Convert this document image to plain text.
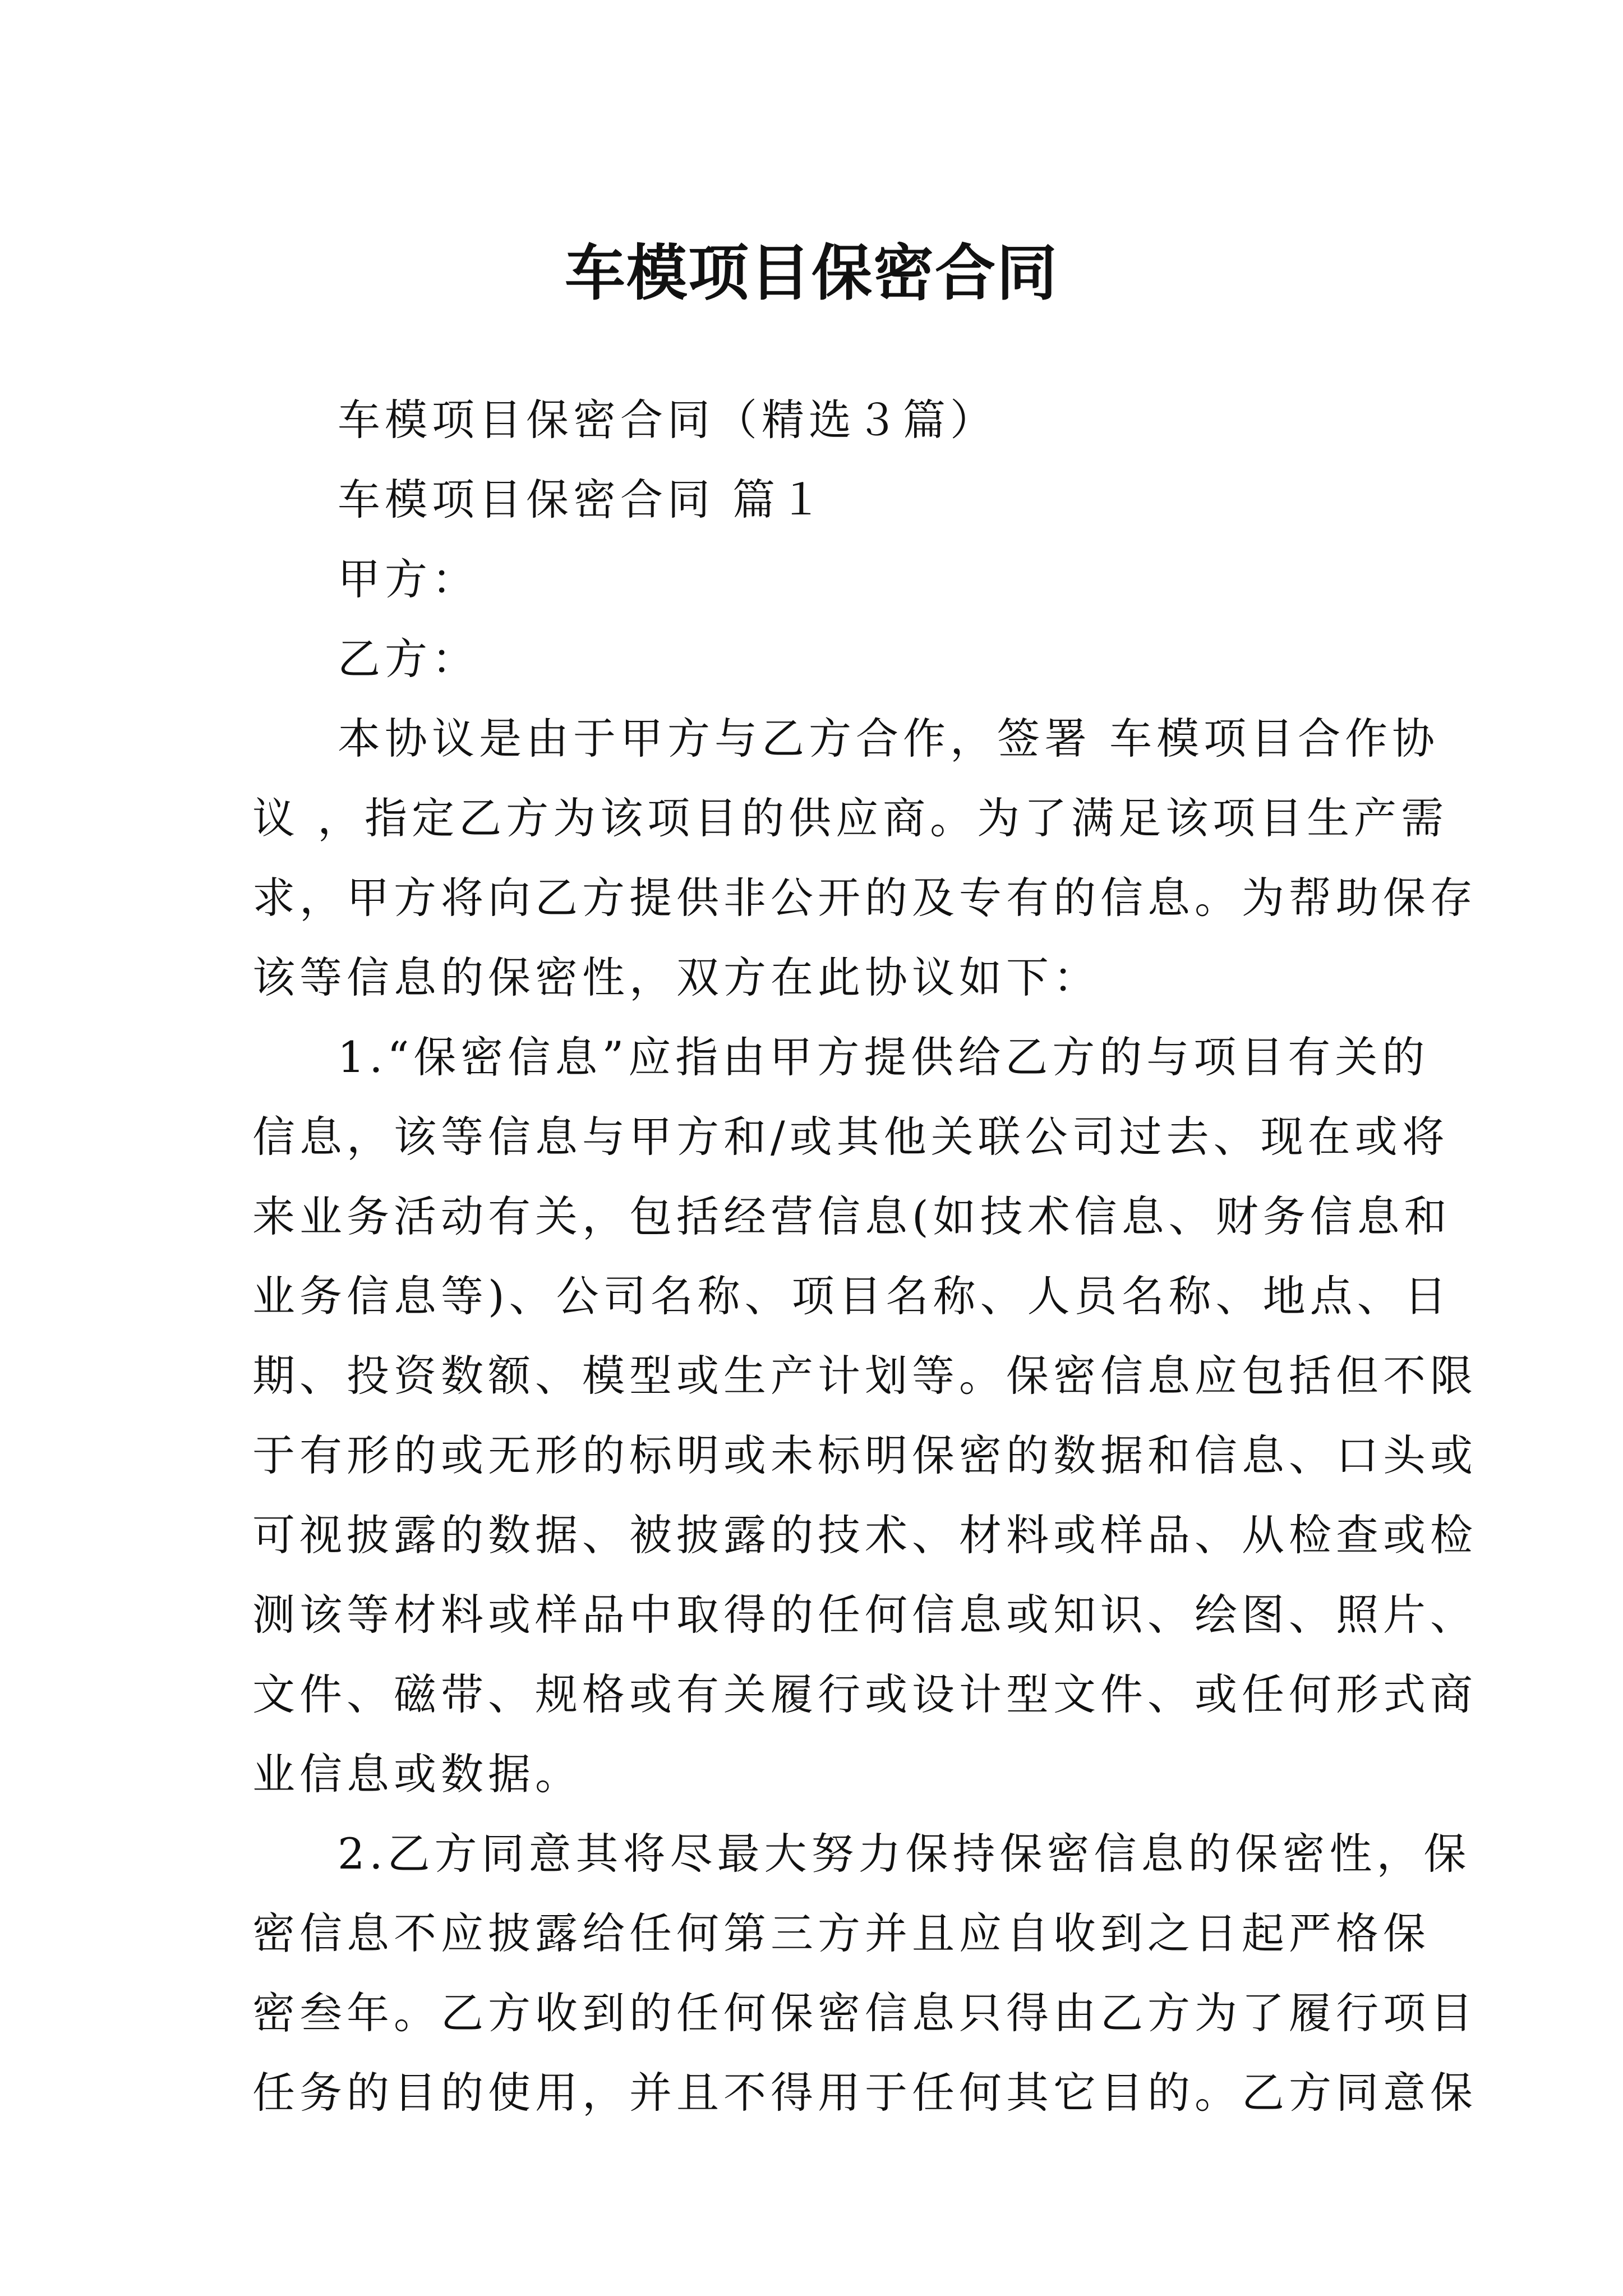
车模项目保密合同

车模项目保密合同（精选３篇）

车模项目保密合同 篇１

甲方：

乙方：

本协议是由于甲方与乙方合作，签署 车模项目合作协

议 ，指定乙方为该项目的供应商。为了满足该项目生产需

求，甲方将向乙方提供非公开的及专有的信息。为帮助保存

该等信息的保密性，双方在此协议如下：

1.“保密信息”应指由甲方提供给乙方的与项目有关的

信息，该等信息与甲方和/或其他关联公司过去、现在或将

来业务活动有关，包括经营信息(如技术信息、财务信息和

业务信息等)、公司名称、项目名称、人员名称、地点、日

期、投资数额、模型或生产计划等。保密信息应包括但不限

于有形的或无形的标明或未标明保密的数据和信息、口头或

可视披露的数据、被披露的技术、材料或样品、从检查或检

测该等材料或样品中取得的任何信息或知识、绘图、照片、

文件、磁带、规格或有关履行或设计型文件、或任何形式商

业信息或数据。

2.乙方同意其将尽最大努力保持保密信息的保密性，保

密信息不应披露给任何第三方并且应自收到之日起严格保

密叁年。乙方收到的任何保密信息只得由乙方为了履行项目

任务的目的使用，并且不得用于任何其它目的。乙方同意保
